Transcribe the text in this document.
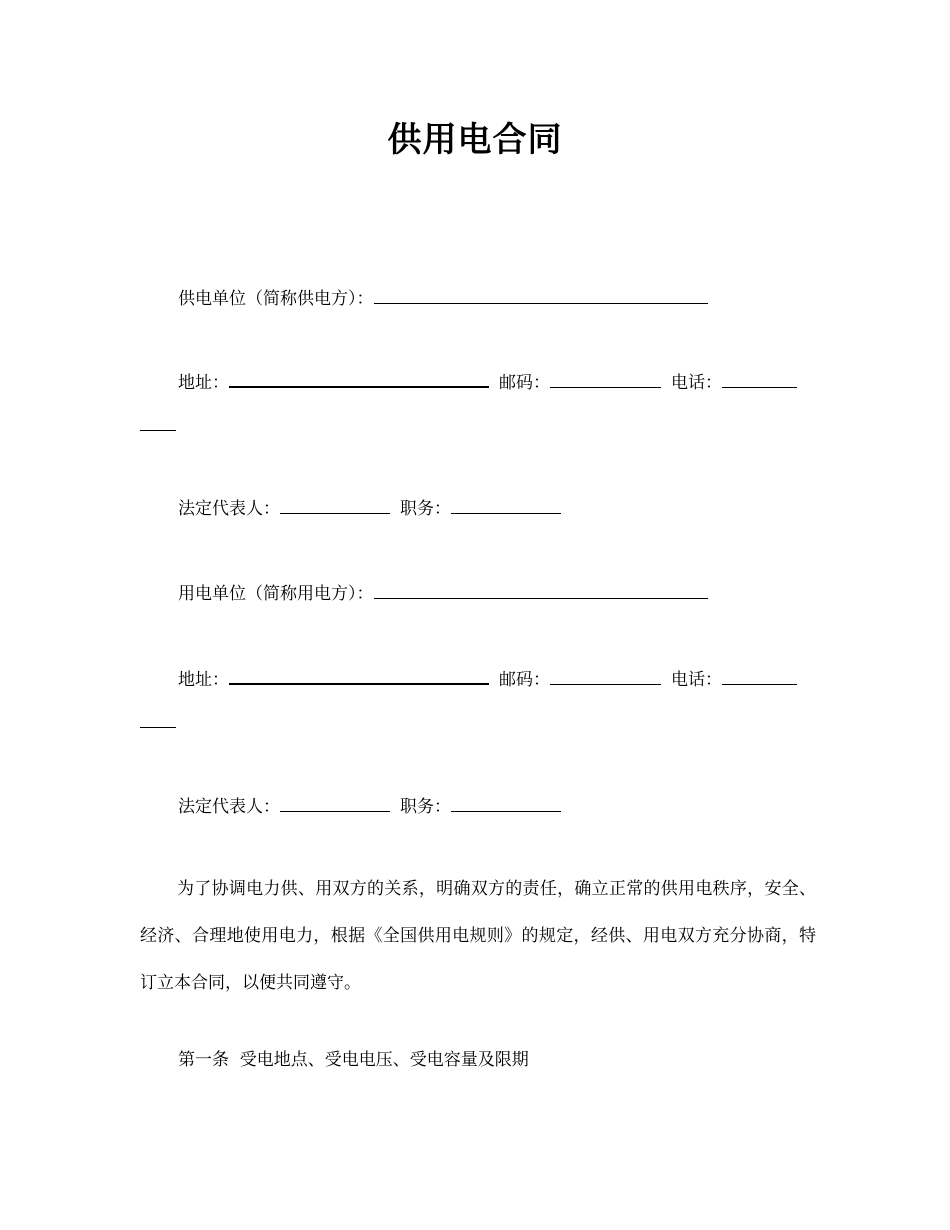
供用电合同
供电单位（简称供电方）：
地址：	邮码：	电话：
法定代表人：	职务：
用电单位（简称用电方）：
地址：	邮码：	电话：
法定代表人：	职务：
为了协调电力供、用双方的关系，明确双方的责任，确立正常的供用电秩序，安全、经济、合理地使用电力，根据《全国供用电规则》的规定，经供、用电双方充分协商，特订立本合同，以便共同遵守。
第一条  受电地点、受电电压、受电容量及限期
